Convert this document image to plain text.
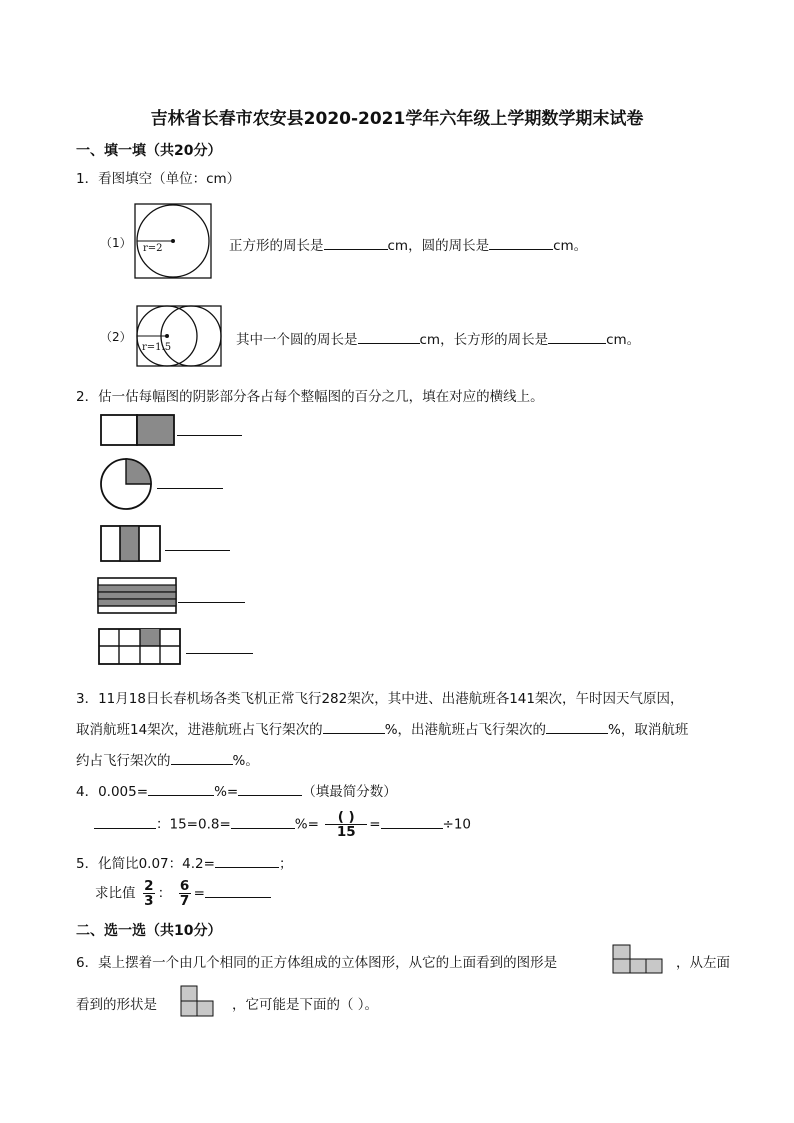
吉林省长春市农安县2020-2021学年六年级上学期数学期末试卷
一、填一填（共20分）
1．看图填空（单位：cm）
（1） r=2	正方形的周长是	cm，圆的周长是	cm。
（2）
r=1.5	其中一个圆的周长是	cm，长方形的周长是	cm。
2．估一估每幅图的阴影部分各占每个整幅图的百分之几，填在对应的横线上。
3．11月18日长春机场各类飞机正常飞行282架次，其中进、出港航班各141架次，午时因天气原因，
取消航班14架次，进港航班占飞行架次的	%，出港航班占飞行架次的	%，取消航班
约占飞行架次的	%。
4．0.005=	%=	（填最简分数）
：15=0.8=	%= $\frac{( )}{15}$ =	÷10
5．化简比0.07：4.2=	；
求比值 $\frac{2}{3}$ ： $\frac{6}{7}$ =
二、选一选（共10分）
6．桌上摆着一个由几个相同的正方体组成的立体图形，从它的上面看到的图形是	，从左面
看到的形状是	，它可能是下面的（ ）。
